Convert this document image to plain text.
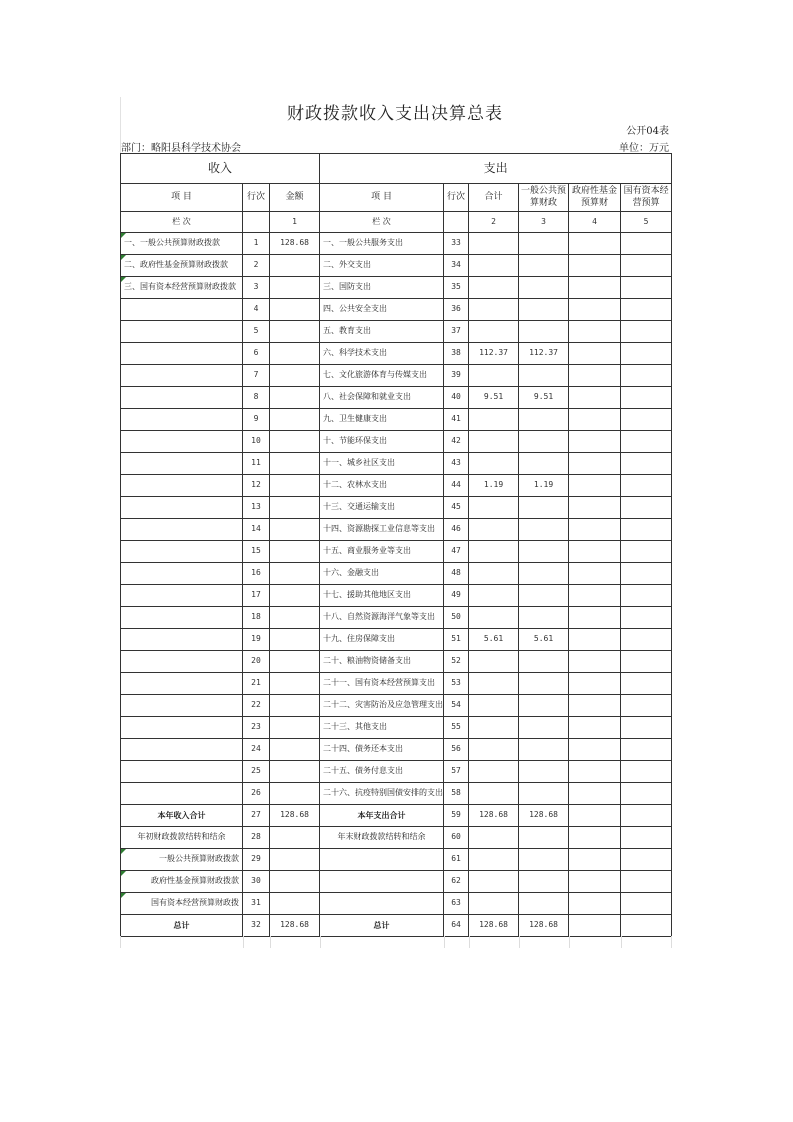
财政拨款收入支出决算总表
公开04表
部门：略阳县科学技术协会	单位：万元
收入			支出					
项 目	行次	金额	项 目	行次	合计	一般公共预算财政	政府性基金预算财	国有资本经营预算
栏 次		1	栏 次		2	3	4	5
一、一般公共预算财政拨款	1	128.68	一、一般公共服务支出	33				
二、政府性基金预算财政拨款	2		二、外交支出	34				
三、国有资本经营预算财政拨款	3		三、国防支出	35				
	4		四、公共安全支出	36				
	5		五、教育支出	37				
	6		六、科学技术支出	38	112.37	112.37		
	7		七、文化旅游体育与传媒支出	39				
	8		八、社会保障和就业支出	40	9.51	9.51		
	9		九、卫生健康支出	41				
	10		十、节能环保支出	42				
	11		十一、城乡社区支出	43				
	12		十二、农林水支出	44	1.19	1.19		
	13		十三、交通运输支出	45				
	14		十四、资源勘探工业信息等支出	46				
	15		十五、商业服务业等支出	47				
	16		十六、金融支出	48				
	17		十七、援助其他地区支出	49				
	18		十八、自然资源海洋气象等支出	50				
	19		十九、住房保障支出	51	5.61	5.61		
	20		二十、粮油物资储备支出	52				
	21		二十一、国有资本经营预算支出	53				
	22		二十二、灾害防治及应急管理支出	54				
	23		二十三、其他支出	55				
	24		二十四、债务还本支出	56				
	25		二十五、债务付息支出	57				
	26		二十六、抗疫特别国债安排的支出	58				
本年收入合计	27	128.68	本年支出合计	59	128.68	128.68		
年初财政拨款结转和结余	28		年末财政拨款结转和结余	60				
一般公共预算财政拨款	29			61				
政府性基金预算财政拨款	30			62				
国有资本经营预算财政拨	31			63				
总计	32	128.68	总计	64	128.68	128.68		
